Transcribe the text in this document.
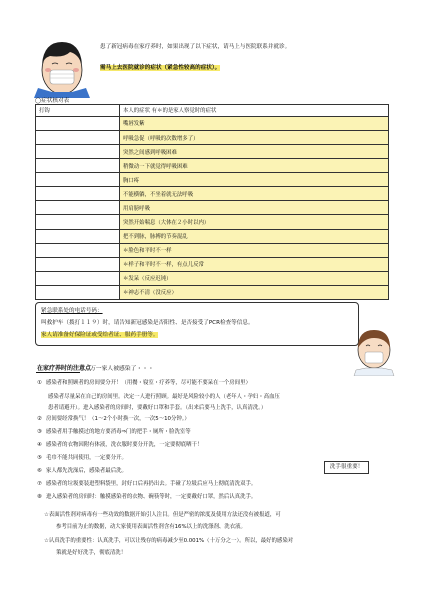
患了新冠病毒在家疗养时，如果出现了以下症状，请马上与医院联系并就诊。
需马上去医院就诊的症状（紧急性较高的症状）。
◯症状核对表
打钩	本人的症状 有＊的是家人察觉时的症状
	嘴唇发紫
	呼吸急促（呼吸的次数增多了）
	突然之间感到呼吸困难
	稍微动一下就觉得呼吸困难
	胸口疼
	不能横躺，不坐着就无法呼吸
	用肩膀呼吸
	突然开始喘息（大体在２小时以内）
	把不到脉，脉搏的节奏混乱
	＊脸色和平时不一样
	＊样子和平时不一样，有点儿反常
	＊发呆（反应迟钝）
	＊神志不清（没反应）
紧急联系处的电话号码：
叫救护车（拨打１１９）时，请告知新冠感染是否阳性、是否接受了PCR检查等信息。
家人请准备好保险证或受给者证、服药手册等。
在家疗养时的注意点
万一家人被感染了・・・
① 感染者和照顾者的房间要分开！（用餐・寝室・疗养等，尽可能不要呆在一个房间里）
感染者尽量呆在自己的房间里。决定一人进行照顾。最好是风险较小的人（老年人・孕妇・高血压
患者请避开）。进入感染者的房间时，要戴好口罩和手套。（出来后要马上洗手，认真清洗。）
② 房间要经常换气！（1～2个小时换一次，一次5～10分钟。）
③ 感染者用手触摸过的地方要消毒⇒门的把手・厕所・脸洗室等
④ 感染者的衣物因附有体液，洗衣服时要分开洗，一定要彻底晒干！
⑤ 毛巾不能共同使用，一定要分开。
⑥ 家人都先洗澡后，感染者最后洗。
⑦ 感染者的垃圾要装进塑料袋里，封好口后再扔出去。手碰了垃圾后应马上彻底清洗双手。
⑧ 进入感染者的房间时：触摸感染者的衣物、碗筷等时，一定要戴好口罩，然后认真洗手。
☆表面活性剂对病毒有一些功效的数据开始引人注目。但是严密的浓度及使用方法还没有被报道，可
参考目前为止的数据，动大家使用表面活性剂含有16%以上的洗涤剂、洗衣液。
☆认真洗手的重要性：认真洗手，可以让残存的病毒减少至0.001%（十万分之一）。所以，最好的感染对
策就是好好洗手，彻底清洗！
洗手很重要！
